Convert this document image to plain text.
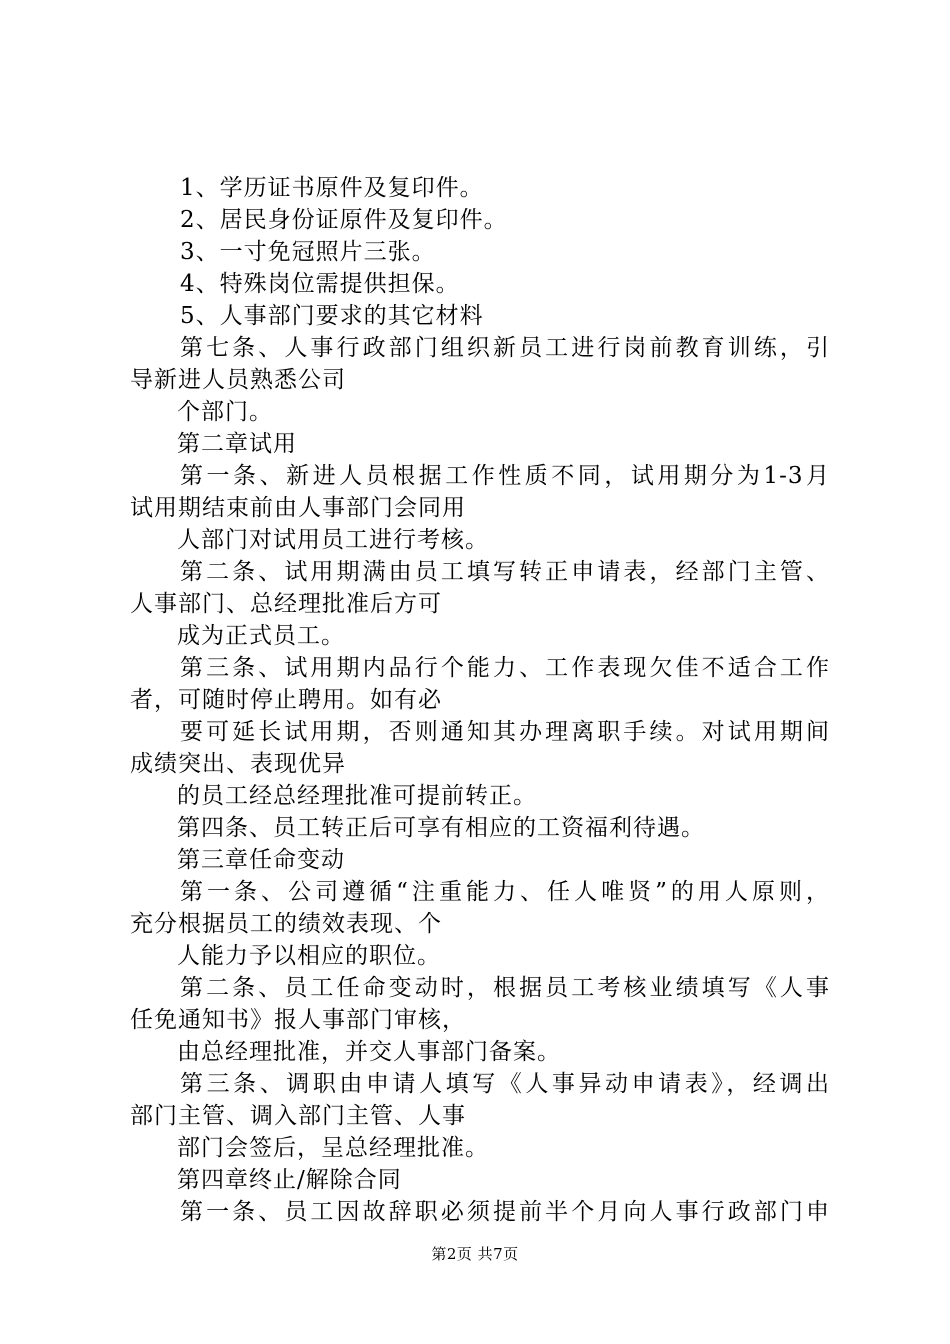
1、学历证书原件及复印件。
2、居民身份证原件及复印件。
3、一寸免冠照片三张。
4、特殊岗位需提供担保。
5、人事部门要求的其它材料
第七条、人事行政部门组织新员工进行岗前教育训练，引
导新进人员熟悉公司
个部门。
第二章试用
第一条、新进人员根据工作性质不同，试用期分为1-3月
试用期结束前由人事部门会同用
人部门对试用员工进行考核。
第二条、试用期满由员工填写转正申请表，经部门主管、
人事部门、总经理批准后方可
成为正式员工。
第三条、试用期内品行个能力、工作表现欠佳不适合工作
者，可随时停止聘用。如有必
要可延长试用期，否则通知其办理离职手续。对试用期间
成绩突出、表现优异
的员工经总经理批准可提前转正。
第四条、员工转正后可享有相应的工资福利待遇。
第三章任命变动
第一条、公司遵循“注重能力、任人唯贤”的用人原则，
充分根据员工的绩效表现、个
人能力予以相应的职位。
第二条、员工任命变动时，根据员工考核业绩填写《人事
任免通知书》报人事部门审核，
由总经理批准，并交人事部门备案。
第三条、调职由申请人填写《人事异动申请表》，经调出
部门主管、调入部门主管、人事
部门会签后，呈总经理批准。
第四章终止/解除合同
第一条、员工因故辞职必须提前半个月向人事行政部门申
第2页 共7页
